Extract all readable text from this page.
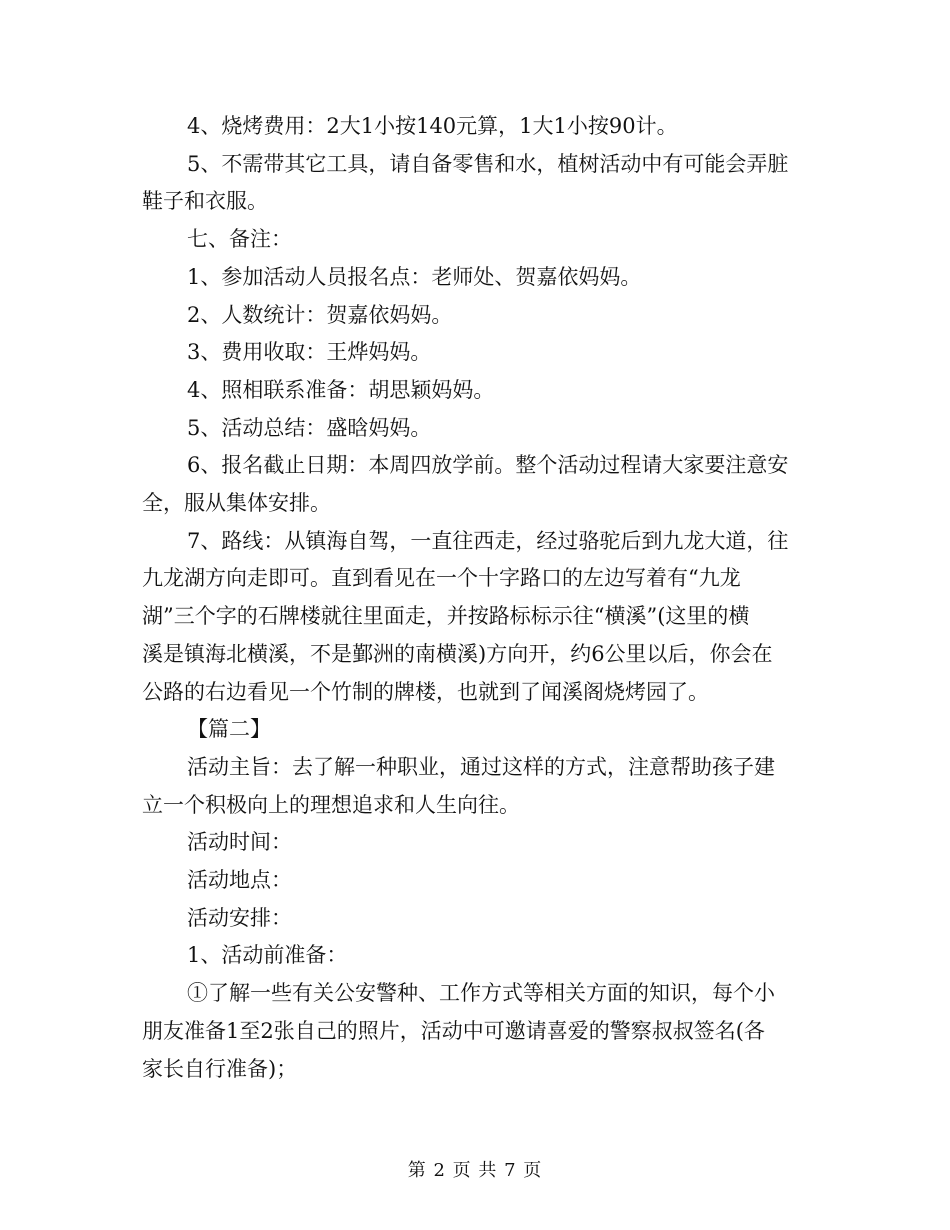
4、烧烤费用：2大1小按140元算，1大1小按90计。

5、不需带其它工具，请自备零售和水，植树活动中有可能会弄脏

鞋子和衣服。

七、备注：

1、参加活动人员报名点：老师处、贺嘉依妈妈。

2、人数统计：贺嘉依妈妈。

3、费用收取：王烨妈妈。

4、照相联系准备：胡思颖妈妈。

5、活动总结：盛晗妈妈。

6、报名截止日期：本周四放学前。整个活动过程请大家要注意安

全，服从集体安排。

7、路线：从镇海自驾，一直往西走，经过骆驼后到九龙大道，往

九龙湖方向走即可。直到看见在一个十字路口的左边写着有“九龙

湖”三个字的石牌楼就往里面走，并按路标标示往“横溪”(这里的横

溪是镇海北横溪，不是鄞洲的南横溪)方向开，约6公里以后，你会在

公路的右边看见一个竹制的牌楼，也就到了闻溪阁烧烤园了。

【篇二】

活动主旨：去了解一种职业，通过这样的方式，注意帮助孩子建

立一个积极向上的理想追求和人生向往。

活动时间：

活动地点：

活动安排：

1、活动前准备：

①了解一些有关公安警种、工作方式等相关方面的知识，每个小

朋友准备1至2张自己的照片，活动中可邀请喜爱的警察叔叔签名(各

家长自行准备)；

第 2 页 共 7 页
